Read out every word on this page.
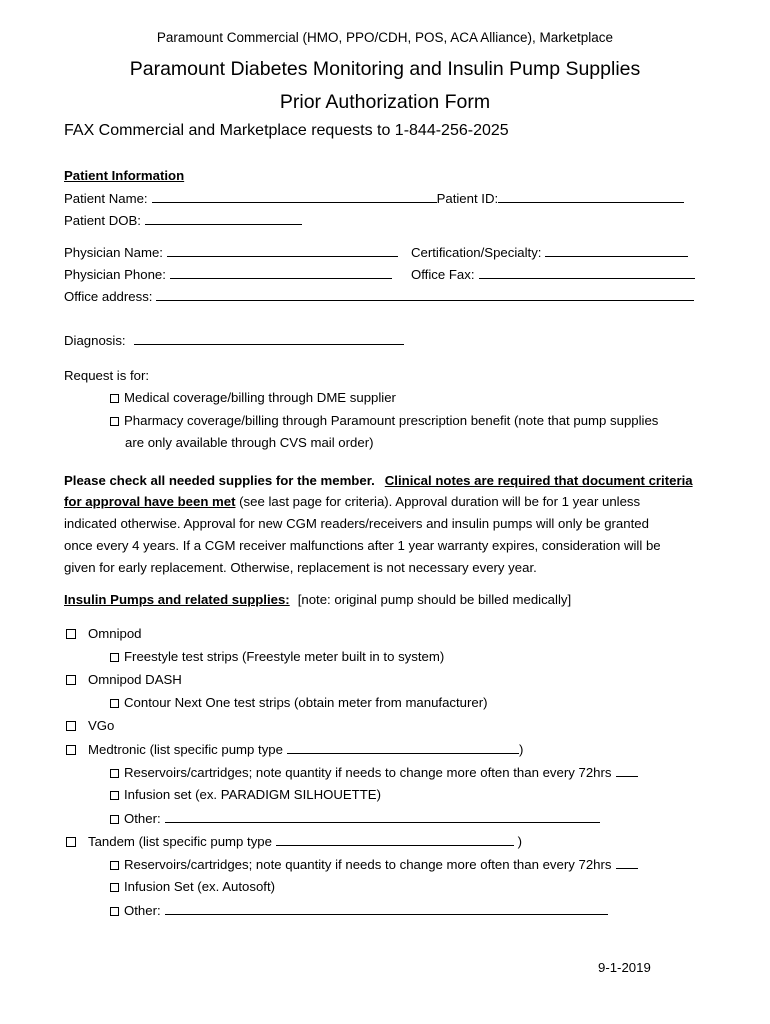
Paramount Commercial (HMO, PPO/CDH, POS, ACA Alliance), Marketplace
Paramount Diabetes Monitoring and Insulin Pump Supplies
Prior Authorization Form
FAX Commercial and Marketplace requests to 1-844-256-2025
Patient Information
Patient Name:	Patient ID:
Patient DOB:
Physician Name:	Certification/Specialty:
Physician Phone:	Office Fax:
Office address:
Diagnosis:
Request is for:
Medical coverage/billing through DME supplier
Pharmacy coverage/billing through Paramount prescription benefit (note that pump supplies
are only available through CVS mail order)
Please check all needed supplies for the member. Clinical notes are required that document criteria
for approval have been met (see last page for criteria). Approval duration will be for 1 year unless
indicated otherwise. Approval for new CGM readers/receivers and insulin pumps will only be granted
once every 4 years. If a CGM receiver malfunctions after 1 year warranty expires, consideration will be
given for early replacement. Otherwise, replacement is not necessary every year.
Insulin Pumps and related supplies: [note: original pump should be billed medically]
Omnipod
Freestyle test strips (Freestyle meter built in to system)
Omnipod DASH
Contour Next One test strips (obtain meter from manufacturer)
VGo
Medtronic (list specific pump type	)
Reservoirs/cartridges; note quantity if needs to change more often than every 72hrs
Infusion set (ex. PARADIGM SILHOUETTE)
Other:
Tandem (list specific pump type	)
Reservoirs/cartridges; note quantity if needs to change more often than every 72hrs
Infusion Set (ex. Autosoft)
Other:
9-1-2019
